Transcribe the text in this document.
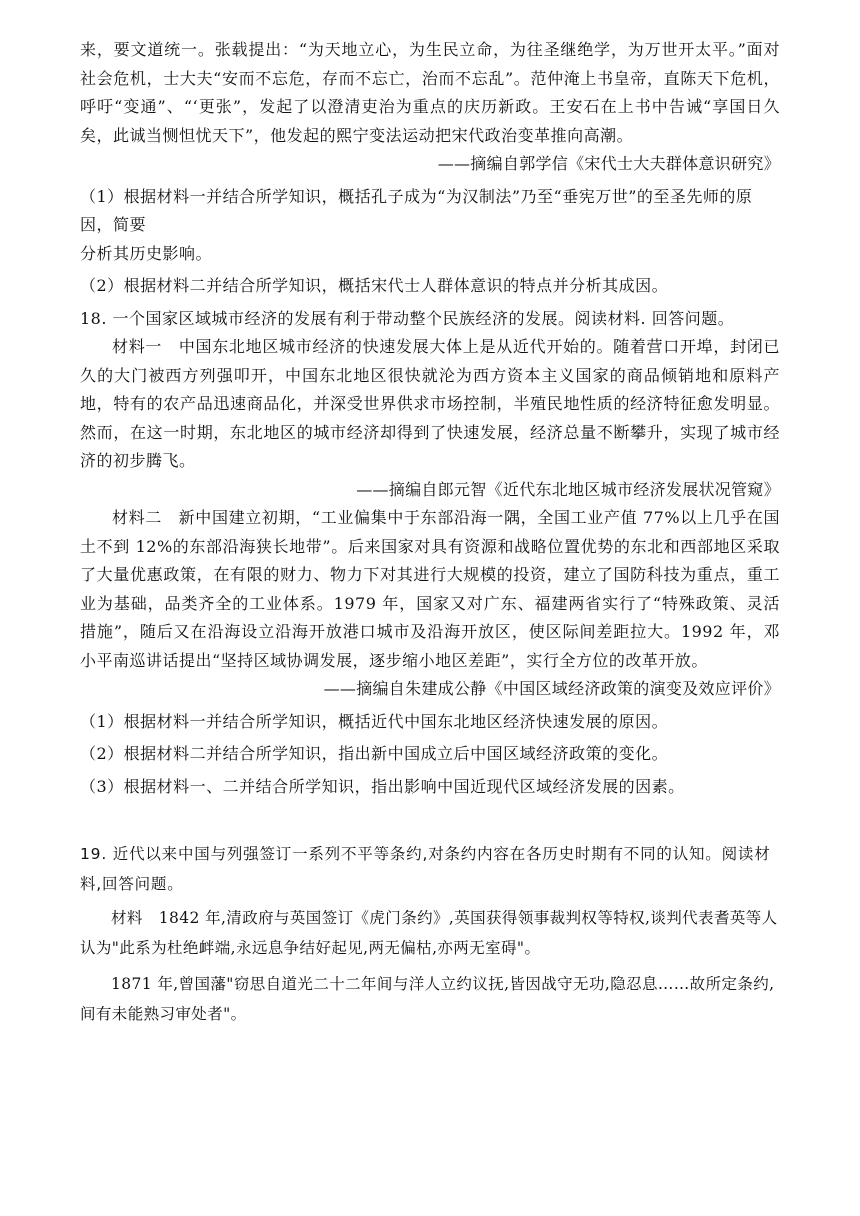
来，要文道统一。张载提出：“为天地立心，为生民立命，为往圣继绝学，为万世开太平。”面对社会危机，士大夫“安而不忘危，存而不忘亡，治而不忘乱”。范仲淹上书皇帝，直陈天下危机，呼吁“变通”、“‘更张”，发起了以澄清吏治为重点的庆历新政。王安石在上书中告诫“享国日久矣，此诚当恻怛忧天下”，他发起的熙宁变法运动把宋代政治变革推向高潮。

——摘编自郭学信《宋代士大夫群体意识研究》

（1）根据材料一并结合所学知识，概括孔子成为“为汉制法”乃至“垂宪万世”的至圣先师的原因，简要

分析其历史影响。

（2）根据材料二并结合所学知识，概括宋代士人群体意识的特点并分析其成因。

18. 一个国家区域城市经济的发展有利于带动整个民族经济的发展。阅读材料. 回答问题。

材料一　中国东北地区城市经济的快速发展大体上是从近代开始的。随着营口开埠，封闭已久的大门被西方列强叩开，中国东北地区很快就沦为西方资本主义国家的商品倾销地和原料产地，特有的农产品迅速商品化，并深受世界供求市场控制，半殖民地性质的经济特征愈发明显。然而，在这一时期，东北地区的城市经济却得到了快速发展，经济总量不断攀升，实现了城市经济的初步腾飞。

——摘编自郎元智《近代东北地区城市经济发展状况管窥》

材料二　新中国建立初期，“工业偏集中于东部沿海一隅，全国工业产值 77%以上几乎在国土不到 12%的东部沿海狭长地带”。后来国家对具有资源和战略位置优势的东北和西部地区采取了大量优惠政策，在有限的财力、物力下对其进行大规模的投资，建立了国防科技为重点，重工业为基础，品类齐全的工业体系。1979 年，国家又对广东、福建两省实行了“特殊政策、灵活措施”，随后又在沿海设立沿海开放港口城市及沿海开放区，使区际间差距拉大。1992 年，邓小平南巡讲话提出“坚持区域协调发展，逐步缩小地区差距”，实行全方位的改革开放。

——摘编自朱建成公静《中国区域经济政策的演变及效应评价》

（1）根据材料一并结合所学知识，概括近代中国东北地区经济快速发展的原因。

（2）根据材料二并结合所学知识，指出新中国成立后中国区域经济政策的变化。

（3）根据材料一、二并结合所学知识，指出影响中国近现代区域经济发展的因素。

19. 近代以来中国与列强签订一系列不平等条约,对条约内容在各历史时期有不同的认知。阅读材料,回答问题。

材料　1842 年,清政府与英国签订《虎门条约》,英国获得领事裁判权等特权,谈判代表耆英等人认为"此系为杜绝衅端,永远息争结好起见,两无偏枯,亦两无室碍"。

1871 年,曾国藩"窃思自道光二十二年间与洋人立约议抚,皆因战守无功,隐忍息……故所定条约,间有未能熟习审处者"。
